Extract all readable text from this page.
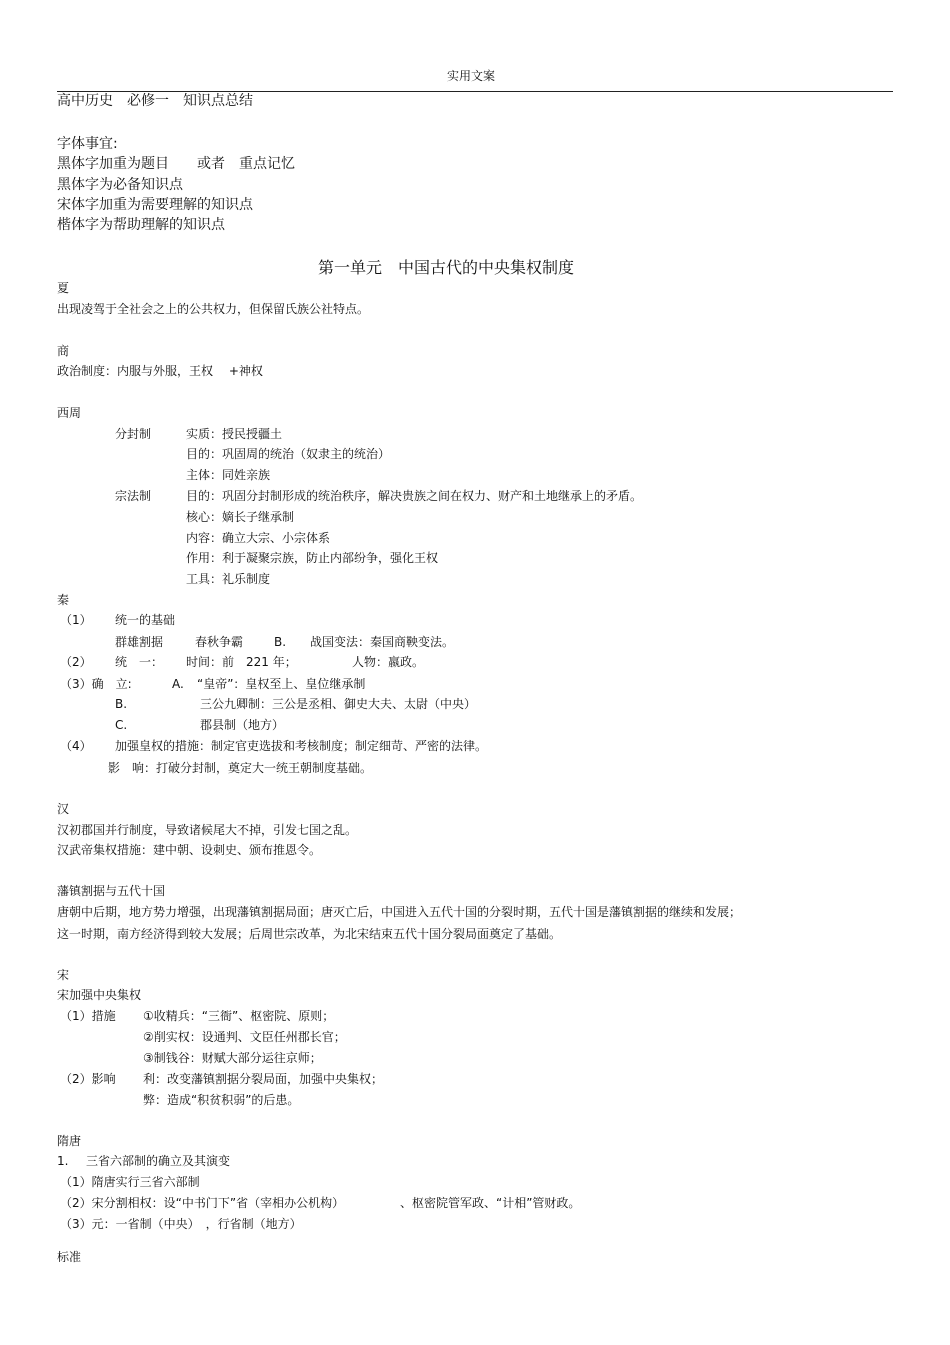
实用文案
高中历史　必修一　知识点总结
字体事宜:
黑体字加重为题目　　或者　重点记忆
黑体字为必备知识点
宋体字加重为需要理解的知识点
楷体字为帮助理解的知识点
第一单元　中国古代的中央集权制度
夏
出现凌驾于全社会之上的公共权力，但保留氏族公社特点。
商
政治制度：内服与外服，王权　 +神权
西周
分封制	实质：授民授疆土
目的：巩固周的统治（奴隶主的统治）
主体：同姓亲族
宗法制	目的：巩固分封制形成的统治秩序，解决贵族之间在权力、财产和土地继承上的矛盾。
核心：嫡长子继承制
内容：确立大宗、小宗体系
作用：利于凝聚宗族，防止内部纷争，强化王权
工具：礼乐制度
秦
（1） 统一的基础
群雄割据	春秋争霸	B. 战国变法：秦国商鞅变法。
（2） 统　一： 时间：前　221 年；	人物：嬴政。
（3）确　立:	A. “皇帝”：皇权至上、皇位继承制
B.	三公九卿制：三公是丞相、御史大夫、太尉（中央）
C.	郡县制（地方）
（4） 加强皇权的措施：制定官吏选拔和考核制度；制定细苛、严密的法律。
影　响：打破分封制，奠定大一统王朝制度基础。
汉
汉初郡国并行制度，导致诸候尾大不掉，引发七国之乱。
汉武帝集权措施：建中朝、设刺史、颁布推恩令。
藩镇割据与五代十国
唐朝中后期，地方势力增强，出现藩镇割据局面；唐灭亡后，中国进入五代十国的分裂时期，五代十国是藩镇割据的继续和发展；
这一时期，南方经济得到较大发展；后周世宗改革，为北宋结束五代十国分裂局面奠定了基础。
宋
宋加强中央集权
（1）措施 ①收精兵：“三衙”、枢密院、原则；
②削实权：设通判、文臣任州郡长官；
③制钱谷：财赋大部分运往京师；
（2）影响 利：改变藩镇割据分裂局面，加强中央集权；
弊：造成“积贫积弱”的后患。
隋唐
1. 三省六部制的确立及其演变
（1）隋唐实行三省六部制
（2）宋分割相权：设“中书门下”省（宰相办公机构）	、枢密院管军政、“计相”管财政。
（3）元：一省制（中央）　，行省制（地方）
标准
